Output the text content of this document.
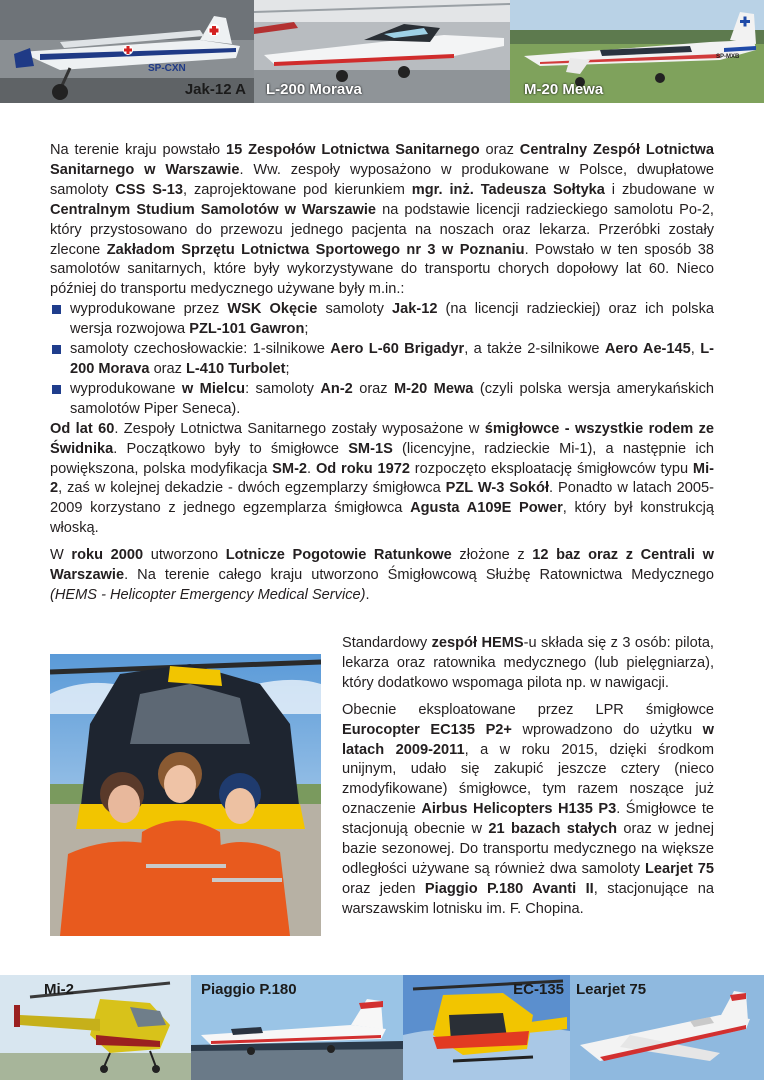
SP-CXN
Jak-12 A L-200 Morava
SP-MXB
M-20 Mewa

Na terenie kraju powstało 15 Zespołów Lotnictwa Sanitarnego oraz Centralny Zespół Lotnictwa Sanitarnego w Warszawie. Ww. zespoły wyposażono w produkowane w Polsce, dwupłatowe samoloty CSS S-13, zaprojektowane pod kierunkiem mgr. inż. Tadeusza Sołtyka i zbudowane w Centralnym Studium Samolotów w Warszawie na podstawie licencji radzieckiego samolotu Po-2, który przystosowano do przewozu jednego pacjenta na noszach oraz lekarza. Przeróbki zostały zlecone Zakładom Sprzętu Lotnictwa Sportowego nr 3 w Poznaniu. Powstało w ten sposób 38 samolotów sanitarnych, które były wykorzystywane do transportu chorych dopołowy lat 60. Nieco później do transportu medycznego używane były m.in.:

wyprodukowane przez WSK Okęcie samoloty Jak-12 (na licencji radzieckiej) oraz ich polska wersja rozwojowa PZL-101 Gawron;
samoloty czechosłowackie: 1-silnikowe Aero L-60 Brigadyr, a także 2-silnikowe Aero Ae-145, L-200 Morava oraz L-410 Turbolet;
wyprodukowane w Mielcu: samoloty An-2 oraz M-20 Mewa (czyli polska wersja amerykańskich samolotów Piper Seneca).

Od lat 60. Zespoły Lotnictwa Sanitarnego zostały wyposażone w śmigłowce - wszystkie rodem ze Świdnika. Początkowo były to śmigłowce SM-1S (licencyjne, radzieckie Mi-1), a następnie ich powiększona, polska modyfikacja SM-2. Od roku 1972 rozpoczęto eksploatację śmigłowców typu Mi-2, zaś w kolejnej dekadzie - dwóch egzemplarzy śmigłowca PZL W-3 Sokół. Ponadto w latach 2005-2009 korzystano z jednego egzemplarza śmigłowca Agusta A109E Power, który był konstrukcją włoską.

W roku 2000 utworzono Lotnicze Pogotowie Ratunkowe złożone z 12 baz oraz z Centrali w Warszawie. Na terenie całego kraju utworzono Śmigłowcową Służbę Ratownictwa Medycznego (HEMS - Helicopter Emergency Medical Service).

Standardowy zespół HEMS-u składa się z 3 osób: pilota, lekarza oraz ratownika medycznego (lub pielęgniarza), który dodatkowo wspomaga pilota np. w nawigacji.

Obecnie eksploatowane przez LPR śmigłowce Eurocopter EC135 P2+ wprowadzono do użytku w latach 2009-2011, a w roku 2015, dzięki środkom unijnym, udało się zakupić jeszcze cztery (nieco zmodyfikowane) śmigłowce, tym razem noszące już oznaczenie Airbus Helicopters H135 P3. Śmigłowce te stacjonują obecnie w 21 bazach stałych oraz w jednej bazie sezonowej. Do transportu medycznego na większe odległości używane są również dwa samoloty Learjet 75 oraz jeden Piaggio P.180 Avanti II, stacjonujące na warszawskim lotnisku im. F. Chopina.

Mi-2	Piaggio P.180	EC-135 Learjet 75
